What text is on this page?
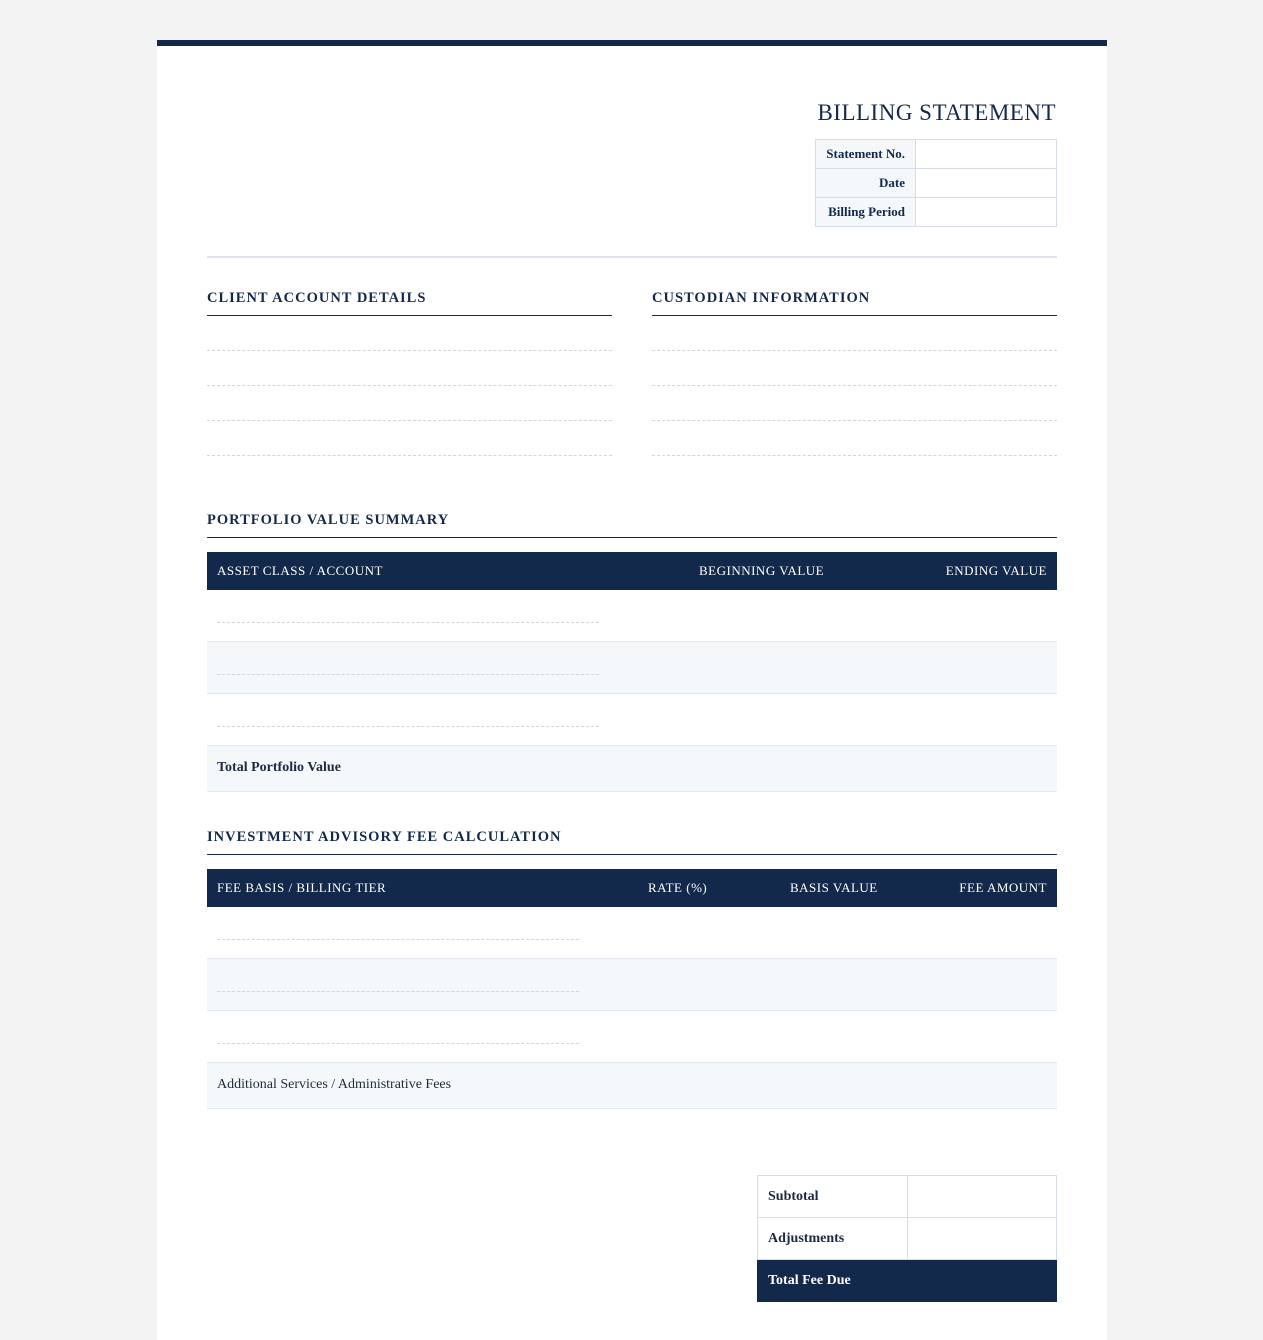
BILLING STATEMENT
Statement No.	
Date	
Billing Period	
CLIENT ACCOUNT DETAILS	CUSTODIAN INFORMATION
PORTFOLIO VALUE SUMMARY
ASSET CLASS / ACCOUNT	BEGINNING VALUE	ENDING VALUE
Total Portfolio Value
INVESTMENT ADVISORY FEE CALCULATION
FEE BASIS / BILLING TIER	RATE (%)	BASIS VALUE	FEE AMOUNT
Additional Services / Administrative Fees
Subtotal	
Adjustments	
Total Fee Due	
